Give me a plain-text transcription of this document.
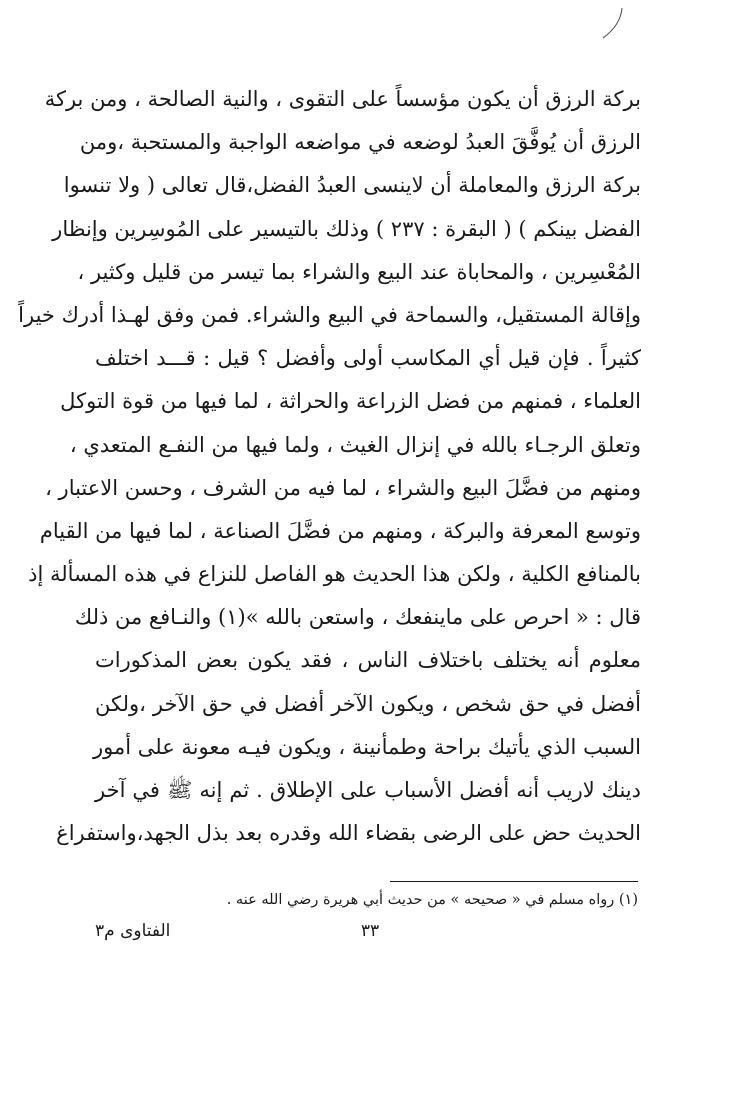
بركة الرزق أن يكون مؤسساً على التقوى ، والنية الصالحة ، ومن بركة
الرزق أن يُوفَّقَ العبدُ لوضعه في مواضعه الواجبة والمستحبة ،ومن
بركة الرزق والمعاملة أن لاينسى العبدُ الفضل،قال تعالى ( ولا تنسوا
الفضل بينكم ) ( البقرة : ٢٣٧ ) وذلك بالتيسير على المُوسِرين وإنظار
المُعْسِرين ، والمحاباة عند البيع والشراء بما تيسر من قليل وكثير ،
وإقالة المستقيل، والسماحة في البيع والشراء. فمن وفق لهـذا أدرك خيراً
كثيراً . فإن قيل أي المكاسب أولى وأفضل ؟ قيل : قـــد اختلف
العلماء ، فمنهم من فضل الزراعة والحراثة ، لما فيها من قوة التوكل
وتعلق الرجـاء بالله في إنزال الغيث ، ولما فيها من النفـع المتعدي ،
ومنهم من فضَّلَ البيع والشراء ، لما فيه من الشرف ، وحسن الاعتبار ،
وتوسع المعرفة والبركة ، ومنهم من فضَّلَ الصناعة ، لما فيها من القيام
بالمنافع الكلية ، ولكن هذا الحديث هو الفاصل للنزاع في هذه المسألة إذ
قال : « احرص على ماينفعك ، واستعن بالله »(١) والنـافع من ذلك
معلوم أنه يختلف باختلاف الناس ، فقد يكون بعض المذكورات
أفضل في حق شخص ، ويكون الآخر أفضل في حق الآخر ،ولكن
السبب الذي يأتيك براحة وطمأنينة ، ويكون فيـه معونة على أمور
دينك لاريب أنه أفضل الأسباب على الإطلاق . ثم إنه ﷺ في آخر
الحديث حض على الرضى بقضاء الله وقدره بعد بذل الجهد،واستفراغ
(١) رواه مسلم في « صحيحه » من حديث أبي هريرة رضي الله عنه .
٣٣
الفتاوى م٣
